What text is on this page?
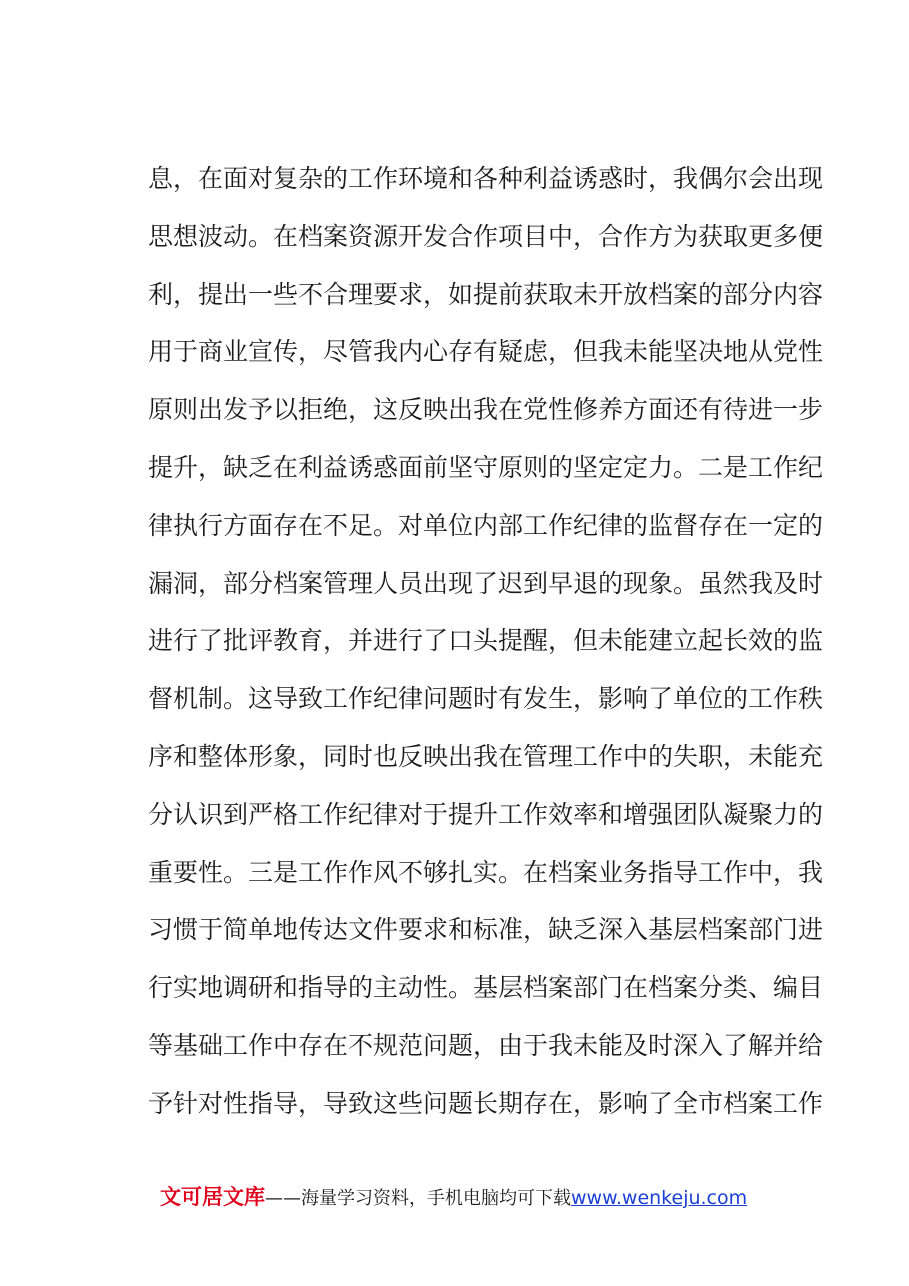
息，在面对复杂的工作环境和各种利益诱惑时，我偶尔会出现
思想波动。在档案资源开发合作项目中，合作方为获取更多便
利，提出一些不合理要求，如提前获取未开放档案的部分内容
用于商业宣传，尽管我内心存有疑虑，但我未能坚决地从党性
原则出发予以拒绝，这反映出我在党性修养方面还有待进一步
提升，缺乏在利益诱惑面前坚守原则的坚定定力。二是工作纪
律执行方面存在不足。对单位内部工作纪律的监督存在一定的
漏洞，部分档案管理人员出现了迟到早退的现象。虽然我及时
进行了批评教育，并进行了口头提醒，但未能建立起长效的监
督机制。这导致工作纪律问题时有发生，影响了单位的工作秩
序和整体形象，同时也反映出我在管理工作中的失职，未能充
分认识到严格工作纪律对于提升工作效率和增强团队凝聚力的
重要性。三是工作作风不够扎实。在档案业务指导工作中，我
习惯于简单地传达文件要求和标准，缺乏深入基层档案部门进
行实地调研和指导的主动性。基层档案部门在档案分类、编目
等基础工作中存在不规范问题，由于我未能及时深入了解并给
予针对性指导，导致这些问题长期存在，影响了全市档案工作
文可居文库——海量学习资料，手机电脑均可下载www.wenkeju.com
